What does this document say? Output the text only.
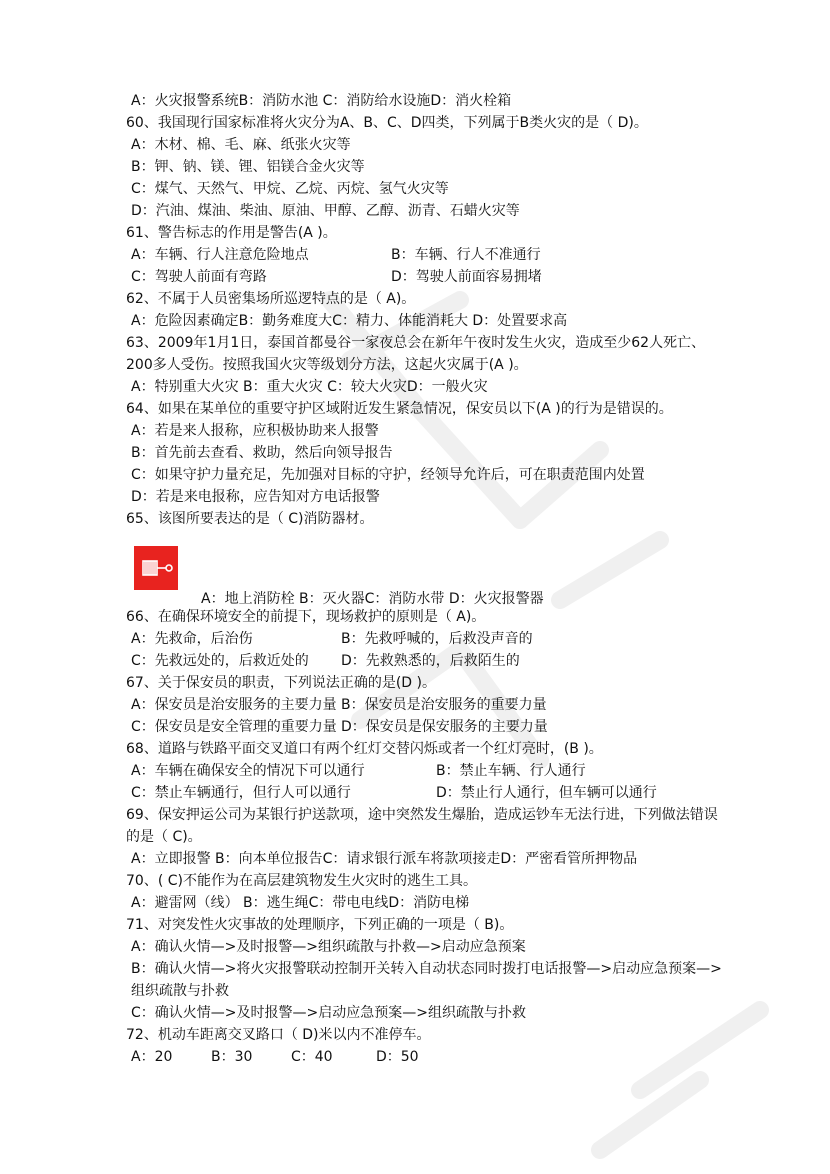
A：火灾报警系统B：消防水池 C：消防给水设施D：消火栓箱
60、我国现行国家标准将火灾分为A、B、C、D四类，下列属于B类火灾的是（ D)。
A：木材、棉、毛、麻、纸张火灾等
B：钾、钠、镁、锂、铝镁合金火灾等
C：煤气、天然气、甲烷、乙烷、丙烷、氢气火灾等
D：汽油、煤油、柴油、原油、甲醇、乙醇、沥青、石蜡火灾等
61、警告标志的作用是警告(A )。
A：车辆、行人注意危险地点	B：车辆、行人不准通行
C：驾驶人前面有弯路	D：驾驶人前面容易拥堵
62、不属于人员密集场所巡逻特点的是（ A)。
A：危险因素确定B：勤务难度大C：精力、体能消耗大 D：处置要求高
63、2009年1月1日，泰国首都曼谷一家夜总会在新年午夜时发生火灾，造成至少62人死亡、200多人受伤。按照我国火灾等级划分方法，这起火灾属于(A )。
A：特别重大火灾 B：重大火灾 C：较大火灾D：一般火灾
64、如果在某单位的重要守护区域附近发生紧急情况，保安员以下(A )的行为是错误的。
A：若是来人报称，应积极协助来人报警
B：首先前去查看、救助，然后向领导报告
C：如果守护力量充足，先加强对目标的守护，经领导允许后，可在职责范围内处置
D：若是来电报称，应告知对方电话报警
65、该图所要表达的是（ C)消防器材。
A：地上消防栓 B：灭火器C：消防水带 D：火灾报警器
66、在确保环境安全的前提下，现场救护的原则是（ A)。
A：先救命，后治伤	B：先救呼喊的，后救没声音的
C：先救远处的，后救近处的	D：先救熟悉的，后救陌生的
67、关于保安员的职责，下列说法正确的是(D )。
A：保安员是治安服务的主要力量 B：保安员是治安服务的重要力量
C：保安员是安全管理的重要力量 D：保安员是保安服务的主要力量
68、道路与铁路平面交叉道口有两个红灯交替闪烁或者一个红灯亮时，(B )。
A：车辆在确保安全的情况下可以通行	B：禁止车辆、行人通行
C：禁止车辆通行，但行人可以通行	D：禁止行人通行，但车辆可以通行
69、保安押运公司为某银行护送款项，途中突然发生爆胎，造成运钞车无法行进，下列做法错误的是（ C)。
A：立即报警 B：向本单位报告C：请求银行派车将款项接走D：严密看管所押物品
70、( C)不能作为在高层建筑物发生火灾时的逃生工具。
A：避雷网（线） B：逃生绳C：带电电线D：消防电梯
71、对突发性火灾事故的处理顺序，下列正确的一项是（ B)。
A：确认火情—>及时报警—>组织疏散与扑救—>启动应急预案
B：确认火情—>将火灾报警联动控制开关转入自动状态同时拨打电话报警—>启动应急预案—>组织疏散与扑救
C：确认火情—>及时报警—>启动应急预案—>组织疏散与扑救
72、机动车距离交叉路口（ D)米以内不准停车。
A：20	B：30	C：40	D：50
